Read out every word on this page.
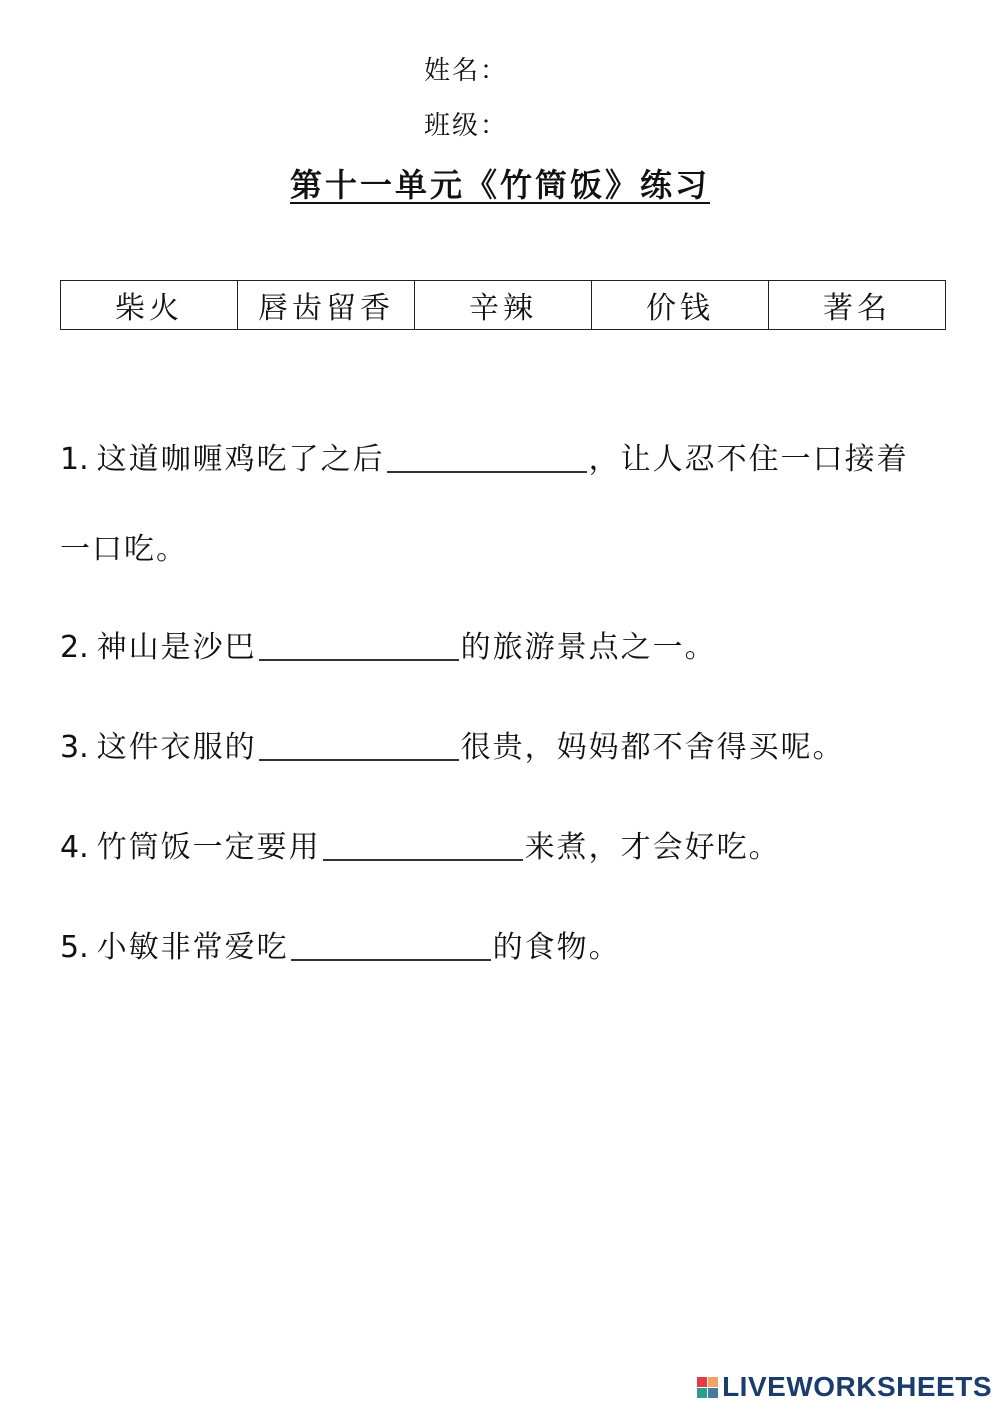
姓名：
班级：
第十一单元《竹筒饭》练习
柴火	唇齿留香	辛辣	价钱	著名
1. 这道咖喱鸡吃了之后	，让人忍不住一口接着
一口吃。
2. 神山是沙巴	的旅游景点之一。
3. 这件衣服的	很贵，妈妈都不舍得买呢。
4. 竹筒饭一定要用	来煮，才会好吃。
5. 小敏非常爱吃	的食物。
LIVEWORKSHEETS
